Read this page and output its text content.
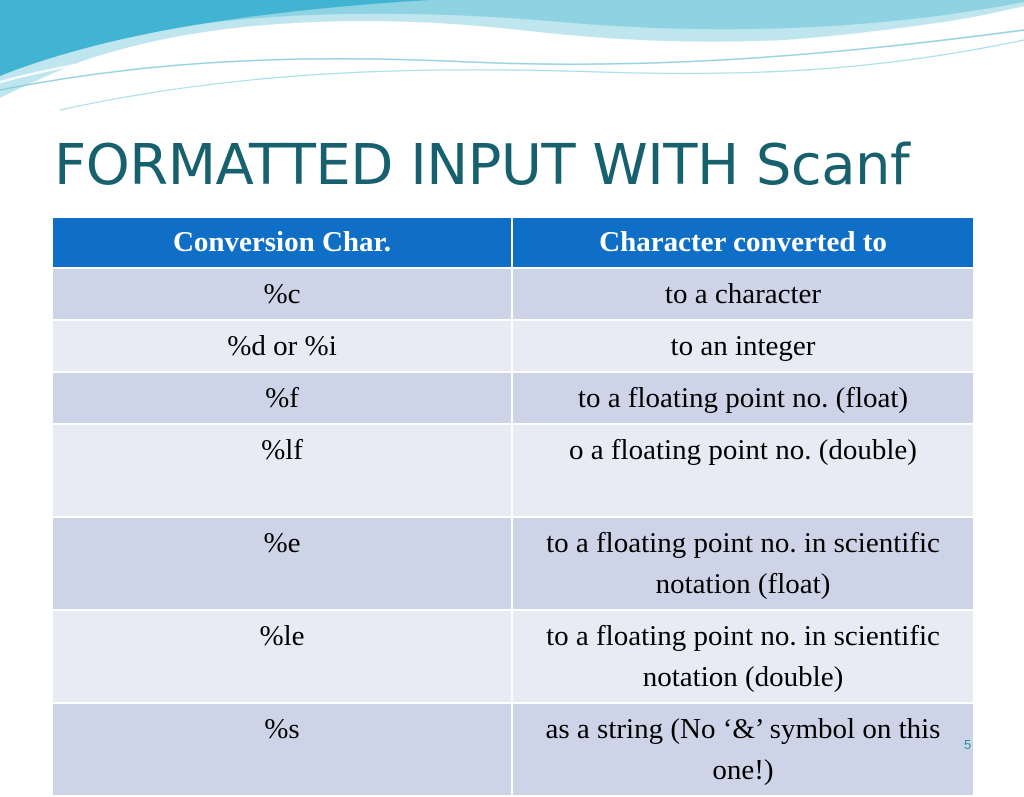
FORMATTED INPUT WITH Scanf
Conversion Char.	Character converted to
%c	to a character
%d or %i	to an integer
%f	to a floating point no. (float)
%lf	o a floating point no. (double)
%e	to a floating point no. in scientific notation (float)
%le	to a floating point no. in scientific notation (double)
%s	as a string (No ‘&’ symbol on this one!)
5
